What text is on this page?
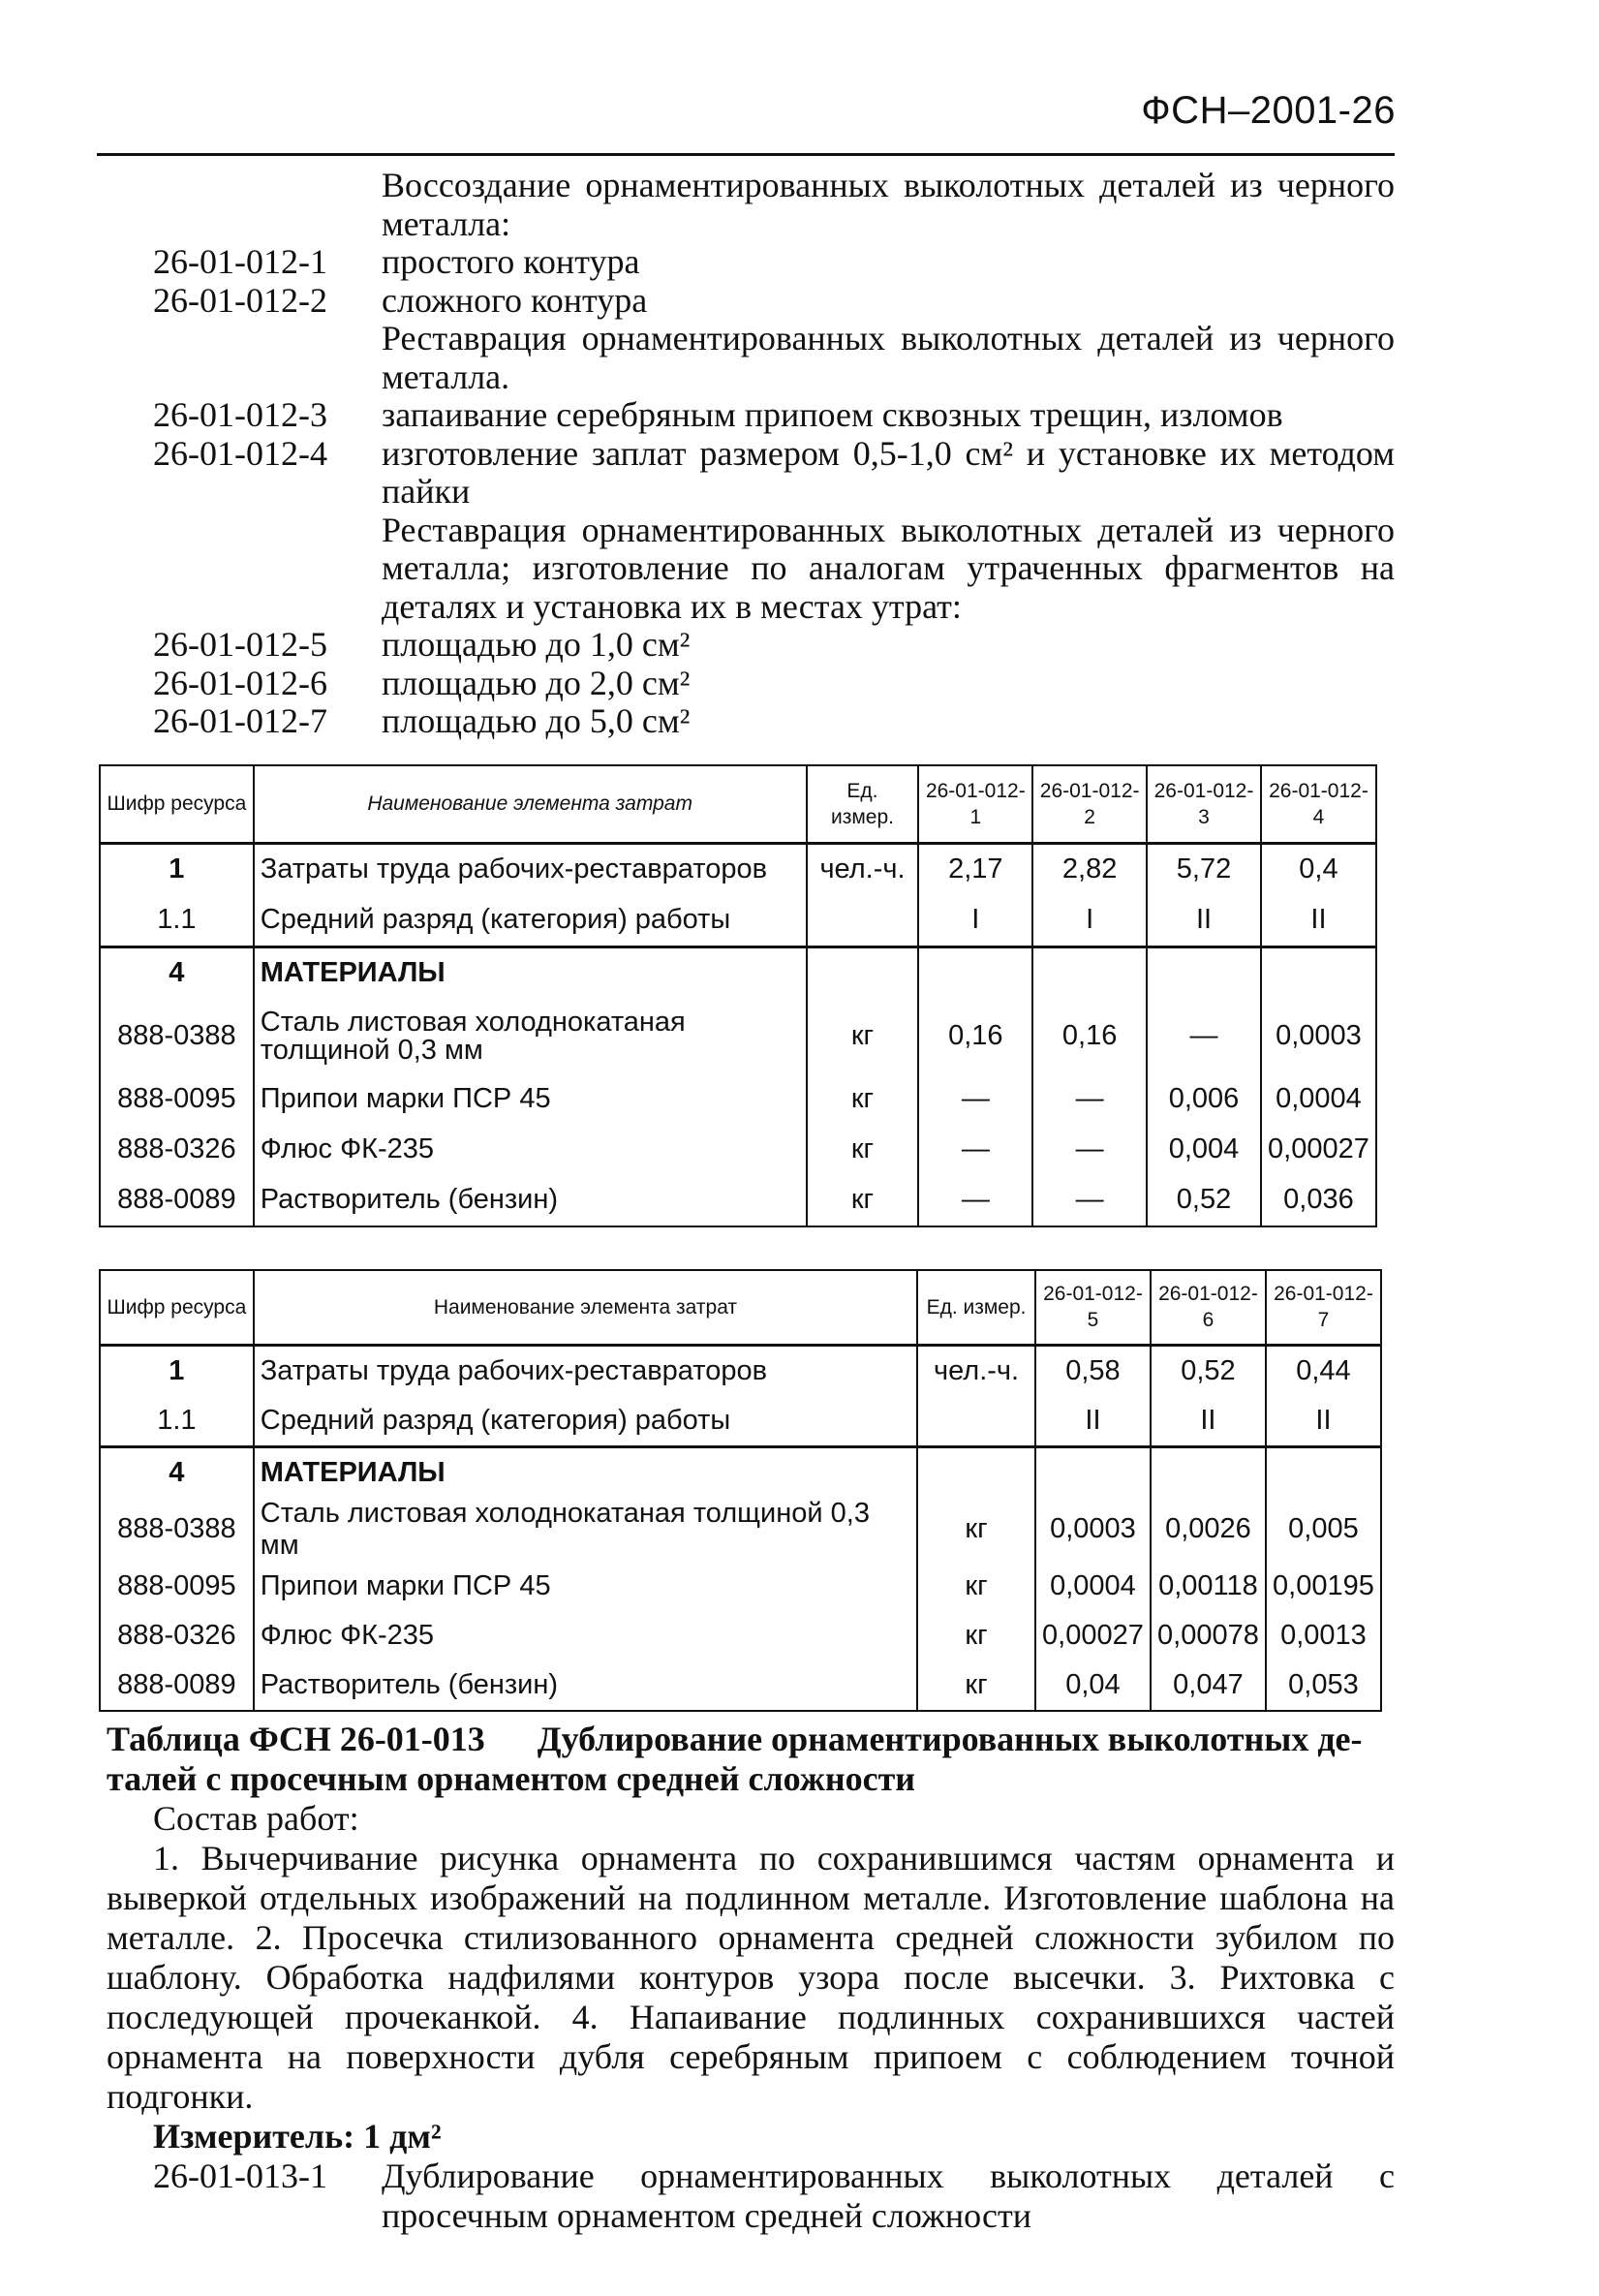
ФСН–2001-26
Воссоздание орнаментированных выколотных деталей из черного металла:
26-01-012-1	простого контура
26-01-012-2	сложного контура
Реставрация орнаментированных выколотных деталей из черного металла.
26-01-012-3	запаивание серебряным припоем сквозных трещин, изломов
26-01-012-4	изготовление заплат размером 0,5-1,0 см² и установке их методом пайки
Реставрация орнаментированных выколотных деталей из черного металла; изготовление по аналогам утраченных фрагментов на деталях и установка их в местах утрат:
26-01-012-5	площадью до 1,0 см²
26-01-012-6	площадью до 2,0 см²
26-01-012-7	площадью до 5,0 см²
Шифр ресурса	Наименование элемента затрат	Ед. измер.	26-01-012-1	26-01-012-2	26-01-012-3	26-01-012-4
1	Затраты труда рабочих-реставраторов	чел.-ч.	2,17	2,82	5,72	0,4
1.1	Средний разряд (категория) работы		I	I	II	II
4	МАТЕРИАЛЫ					
888-0388	Сталь листовая холоднокатаная толщиной 0,3 мм	кг	0,16	0,16	—	0,0003
888-0095	Припои марки ПСР 45	кг	—	—	0,006	0,0004
888-0326	Флюс ФК-235	кг	—	—	0,004	0,00027
888-0089	Растворитель (бензин)	кг	—	—	0,52	0,036
Шифр ресурса	Наименование элемента затрат	Ед. измер.	26-01-012-5	26-01-012-6	26-01-012-7
1	Затраты труда рабочих-реставраторов	чел.-ч.	0,58	0,52	0,44
1.1	Средний разряд (категория) работы		II	II	II
4	МАТЕРИАЛЫ				
888-0388	Сталь листовая холоднокатаная толщиной 0,3 мм	кг	0,0003	0,0026	0,005
888-0095	Припои марки ПСР 45	кг	0,0004	0,00118	0,00195
888-0326	Флюс ФК-235	кг	0,00027	0,00078	0,0013
888-0089	Растворитель (бензин)	кг	0,04	0,047	0,053
Таблица ФСН 26-01-013
Дублирование орнаментированных выколотных де-
талей с просечным орнаментом средней сложности
Состав работ:
1. Вычерчивание рисунка орнамента по сохранившимся частям орнамента и выверкой отдельных изображений на подлинном металле. Изготовление шаблона на металле. 2. Просечка стилизованного орнамента средней сложности зубилом по шаблону. Обработка надфилями контуров узора после высечки. 3. Рихтовка с последующей прочеканкой. 4. Напаивание подлинных сохранившихся частей орнамента на поверхности дубля серебряным припоем с соблюдением точной подгонки.
Измеритель: 1 дм²
26-01-013-1	Дублирование орнаментированных выколотных деталей с просечным орнаментом средней сложности
